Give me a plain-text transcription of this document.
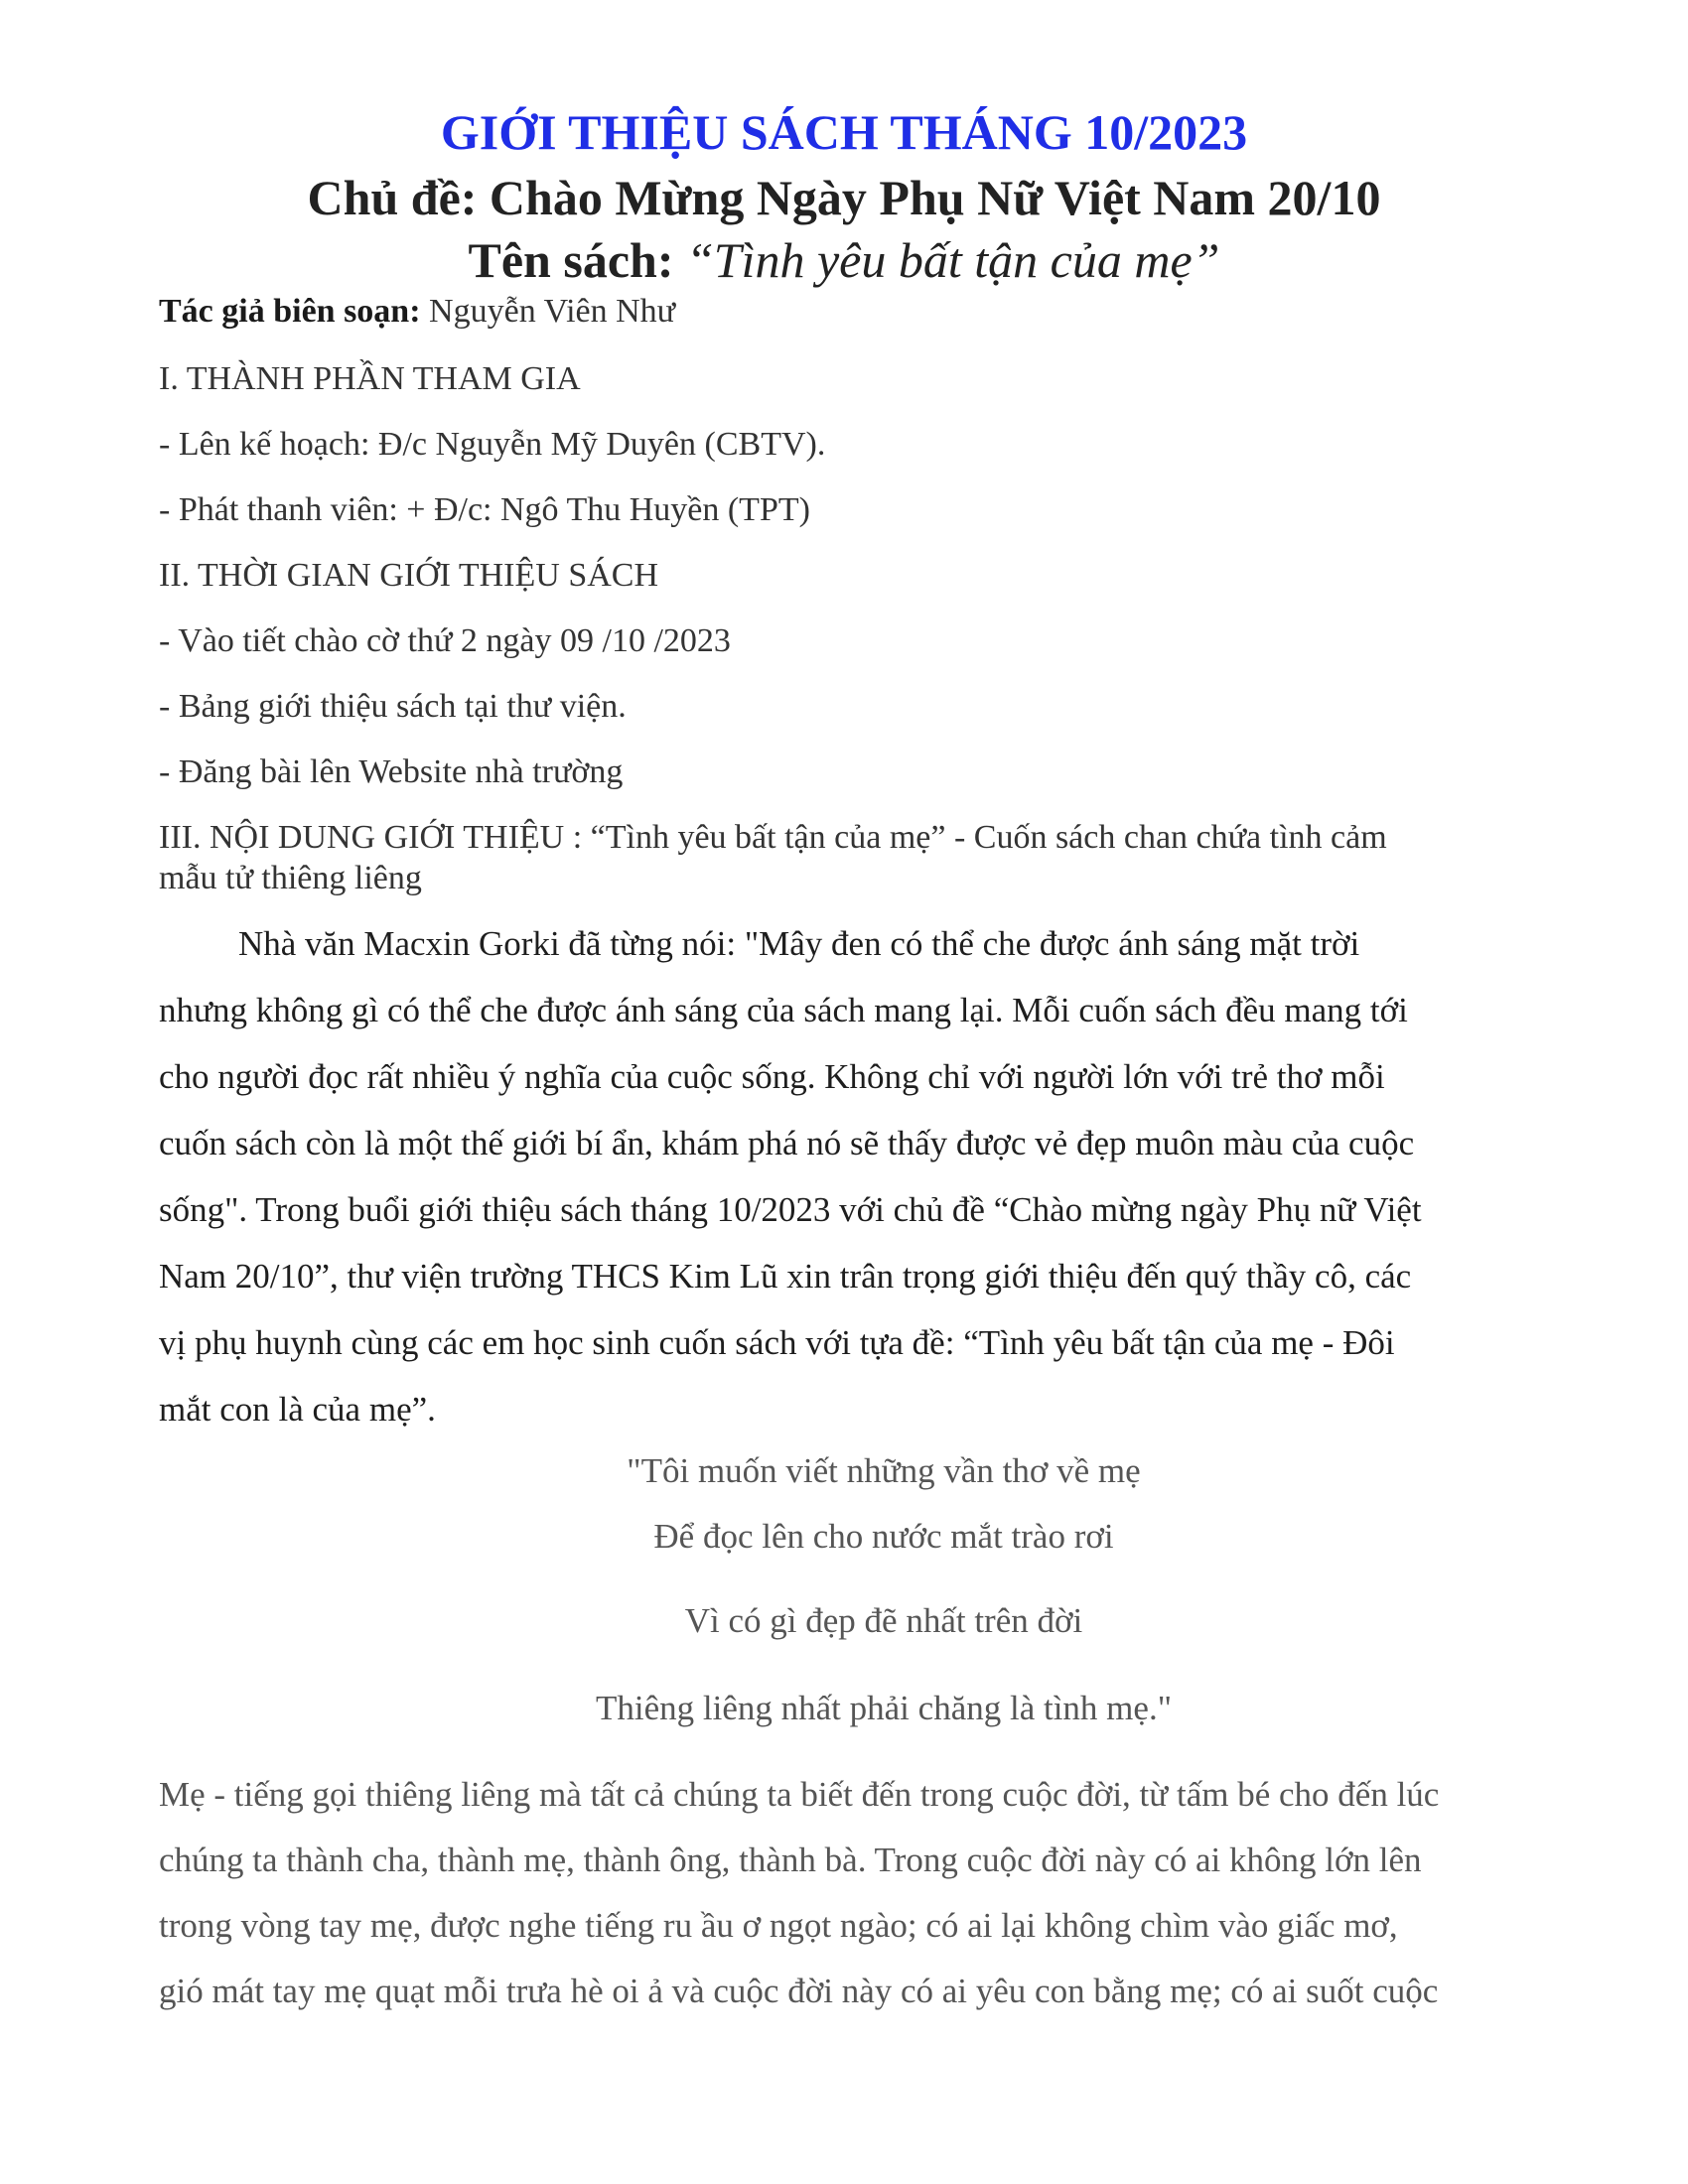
GIỚI THIỆU SÁCH THÁNG 10/2023
Chủ đề: Chào Mừng Ngày Phụ Nữ Việt Nam 20/10
Tên sách: “Tình yêu bất tận của mẹ”
Tác giả biên soạn: Nguyễn Viên Như
I. THÀNH PHẦN THAM GIA
- Lên kế hoạch: Đ/c Nguyễn Mỹ Duyên (CBTV).
- Phát thanh viên: + Đ/c: Ngô Thu Huyền (TPT)
II. THỜI GIAN GIỚI THIỆU SÁCH
- Vào tiết chào cờ thứ 2 ngày 09 /10 /2023
- Bảng giới thiệu sách tại thư viện.
- Đăng bài lên Website nhà trường
III. NỘI DUNG GIỚI THIỆU : “Tình yêu bất tận của mẹ” - Cuốn sách chan chứa tình cảm
mẫu tử thiêng liêng
Nhà văn Macxin Gorki đã từng nói: "Mây đen có thể che được ánh sáng mặt trời
nhưng không gì có thể che được ánh sáng của sách mang lại. Mỗi cuốn sách đều mang tới
cho người đọc rất nhiều ý nghĩa của cuộc sống. Không chỉ với người lớn với trẻ thơ mỗi
cuốn sách còn là một thế giới bí ẩn, khám phá nó sẽ thấy được vẻ đẹp muôn màu của cuộc
sống". Trong buổi giới thiệu sách tháng 10/2023 với chủ đề “Chào mừng ngày Phụ nữ Việt
Nam 20/10”, thư viện trường THCS Kim Lũ xin trân trọng giới thiệu đến quý thầy cô, các
vị phụ huynh cùng các em học sinh cuốn sách với tựa đề: “Tình yêu bất tận của mẹ - Đôi
mắt con là của mẹ”.
"Tôi muốn viết những vần thơ về mẹ
Để đọc lên cho nước mắt trào rơi
Vì có gì đẹp đẽ nhất trên đời
Thiêng liêng nhất phải chăng là tình mẹ."
Mẹ - tiếng gọi thiêng liêng mà tất cả chúng ta biết đến trong cuộc đời, từ tấm bé cho đến lúc
chúng ta thành cha, thành mẹ, thành ông, thành bà. Trong cuộc đời này có ai không lớn lên
trong vòng tay mẹ, được nghe tiếng ru ầu ơ ngọt ngào; có ai lại không chìm vào giấc mơ,
gió mát tay mẹ quạt mỗi trưa hè oi ả và cuộc đời này có ai yêu con bằng mẹ; có ai suốt cuộc
